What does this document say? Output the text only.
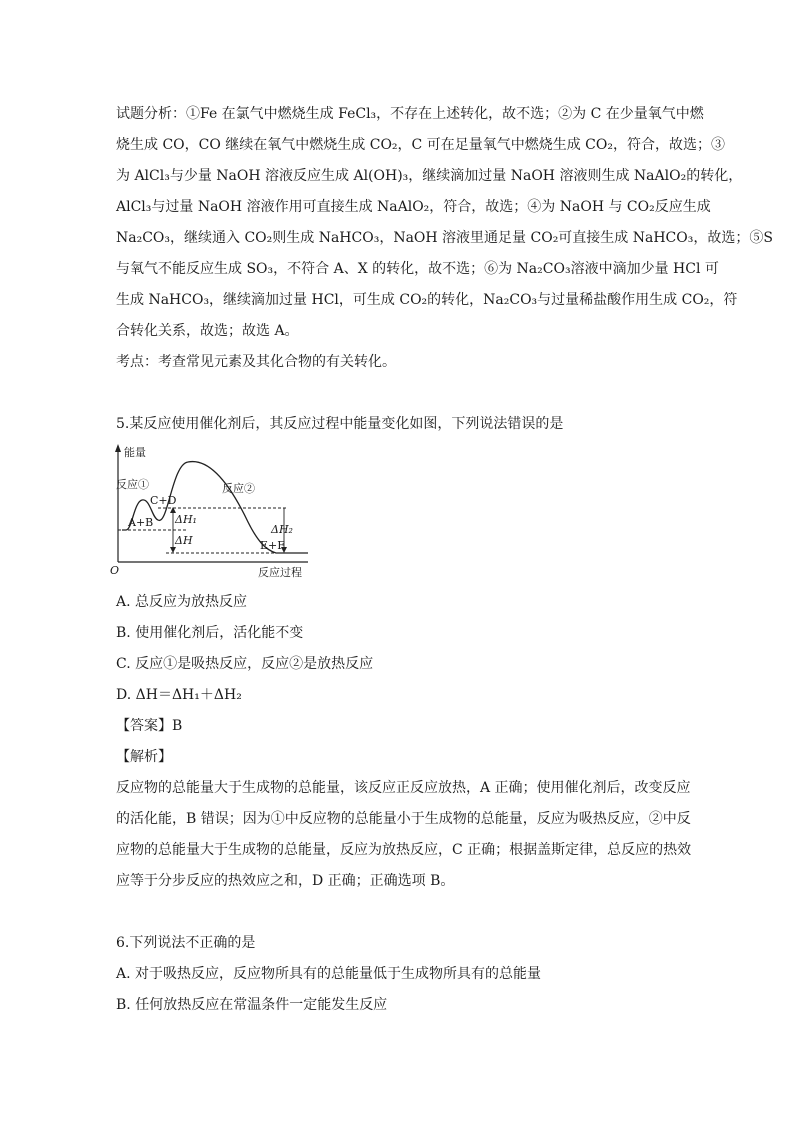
试题分析：①Fe 在氯气中燃烧生成 FeCl₃，不存在上述转化，故不选；②为 C 在少量氧气中燃
烧生成 CO，CO 继续在氧气中燃烧生成 CO₂，C 可在足量氧气中燃烧生成 CO₂，符合，故选；③
为 AlCl₃与少量 NaOH 溶液反应生成 Al(OH)₃，继续滴加过量 NaOH 溶液则生成 NaAlO₂的转化，
AlCl₃与过量 NaOH 溶液作用可直接生成 NaAlO₂，符合，故选；④为 NaOH 与 CO₂反应生成
Na₂CO₃，继续通入 CO₂则生成 NaHCO₃，NaOH 溶液里通足量 CO₂可直接生成 NaHCO₃，故选；⑤S
与氧气不能反应生成 SO₃，不符合 A、X 的转化，故不选；⑥为 Na₂CO₃溶液中滴加少量 HCl 可
生成 NaHCO₃，继续滴加过量 HCl，可生成 CO₂的转化，Na₂CO₃与过量稀盐酸作用生成 CO₂，符
合转化关系，故选；故选 A。
考点：考查常见元素及其化合物的有关转化。
5.某反应使用催化剂后，其反应过程中能量变化如图，下列说法错误的是
能量
O	反应过程
反应①	反应②
A+B
C+D
E+F
ΔH₁
ΔH
ΔH₂
A. 总反应为放热反应
B. 使用催化剂后，活化能不变
C. 反应①是吸热反应，反应②是放热反应
D. ΔH＝ΔH₁＋ΔH₂
【答案】B
【解析】
反应物的总能量大于生成物的总能量，该反应正反应放热，A 正确；使用催化剂后，改变反应
的活化能，B 错误；因为①中反应物的总能量小于生成物的总能量，反应为吸热反应，②中反
应物的总能量大于生成物的总能量，反应为放热反应，C 正确；根据盖斯定律，总反应的热效
应等于分步反应的热效应之和，D 正确；正确选项 B。
6.下列说法不正确的是
A. 对于吸热反应，反应物所具有的总能量低于生成物所具有的总能量
B. 任何放热反应在常温条件一定能发生反应
